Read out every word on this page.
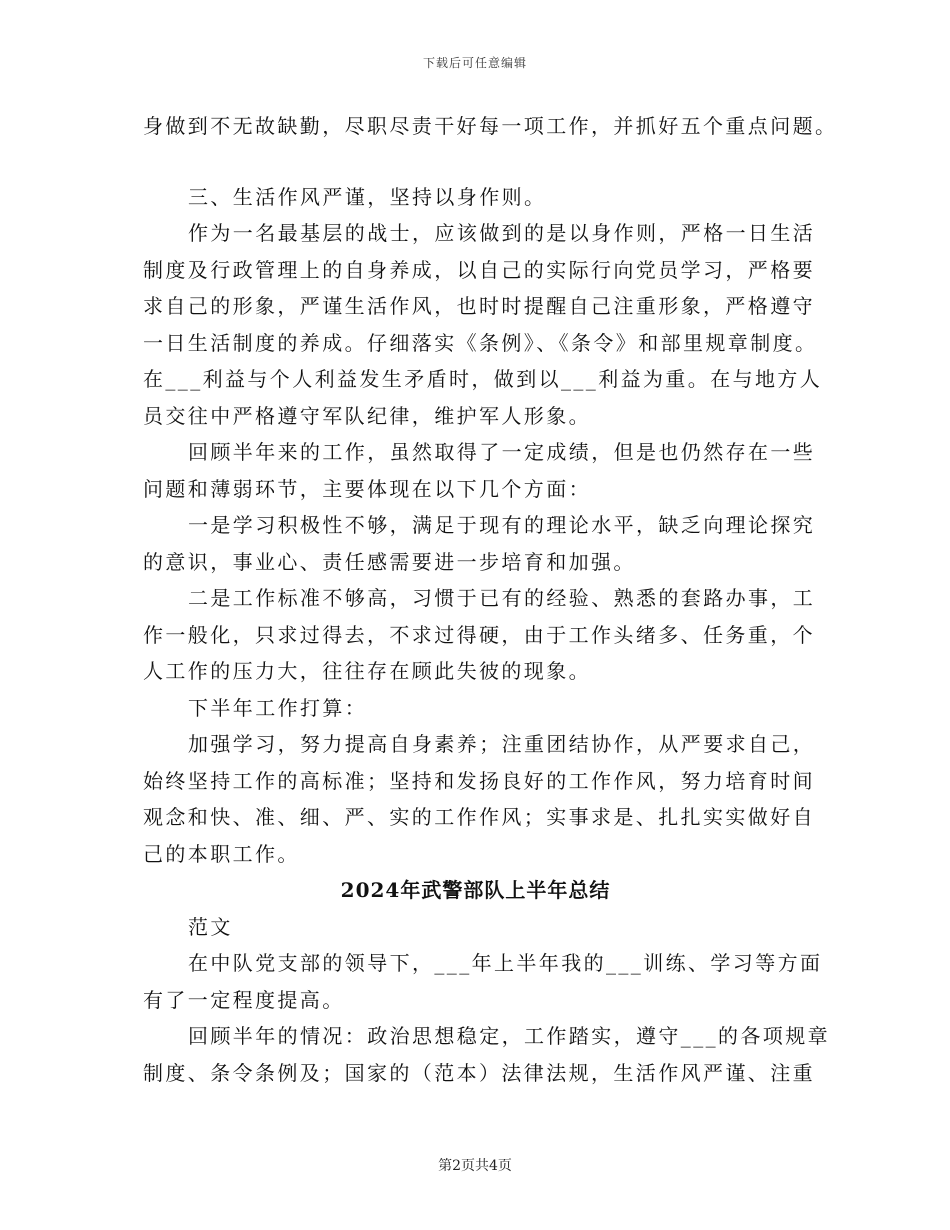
下载后可任意编辑
身做到不无故缺勤，尽职尽责干好每一项工作，并抓好五个重点问题。
三、生活作风严谨，坚持以身作则。
作为一名最基层的战士，应该做到的是以身作则，严格一日生活
制度及行政管理上的自身养成，以自己的实际行向党员学习，严格要
求自己的形象，严谨生活作风，也时时提醒自己注重形象，严格遵守
一日生活制度的养成。仔细落实《条例》、《条令》和部里规章制度。
在___利益与个人利益发生矛盾时，做到以___利益为重。在与地方人
员交往中严格遵守军队纪律，维护军人形象。
回顾半年来的工作，虽然取得了一定成绩，但是也仍然存在一些
问题和薄弱环节，主要体现在以下几个方面：
一是学习积极性不够，满足于现有的理论水平，缺乏向理论探究
的意识，事业心、责任感需要进一步培育和加强。
二是工作标准不够高，习惯于已有的经验、熟悉的套路办事，工
作一般化，只求过得去，不求过得硬，由于工作头绪多、任务重，个
人工作的压力大，往往存在顾此失彼的现象。
下半年工作打算：
加强学习，努力提高自身素养；注重团结协作，从严要求自己，
始终坚持工作的高标准；坚持和发扬良好的工作作风，努力培育时间
观念和快、准、细、严、实的工作作风；实事求是、扎扎实实做好自
己的本职工作。
2024年武警部队上半年总结
范文
在中队党支部的领导下，___年上半年我的___训练、学习等方面
有了一定程度提高。
回顾半年的情况：政治思想稳定，工作踏实，遵守___的各项规章
制度、条令条例及；国家的（范本）法律法规，生活作风严谨、注重
第2页共4页
